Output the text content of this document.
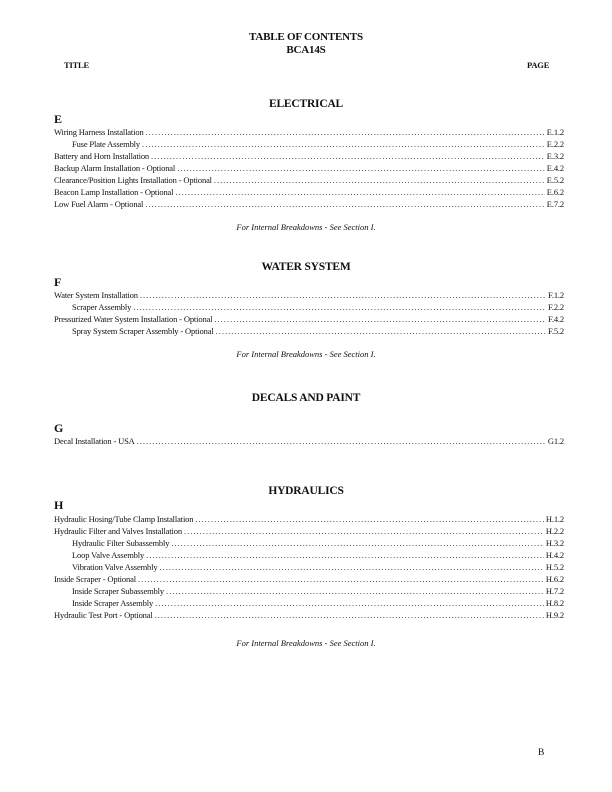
TABLE OF CONTENTS
BCA14S
TITLE	PAGE
ELECTRICAL
E
Wiring Harness Installation .....	E.1.2
Fuse Plate Assembly .....	E.2.2
Battery and Horn Installation .....	E.3.2
Backup Alarm Installation - Optional .....	E.4.2
Clearance/Position Lights Installation - Optional .....	E.5.2
Beacon Lamp Installation - Optional .....	E.6.2
Low Fuel Alarm - Optional .....	E.7.2
For Internal Breakdowns - See Section I.
WATER SYSTEM
F
Water System Installation .....	F.1.2
Scraper Assembly .....	F.2.2
Pressurized Water System Installation - Optional .....	F.4.2
Spray System Scraper Assembly - Optional .....	F.5.2
For Internal Breakdowns - See Section I.
DECALS AND PAINT
G
Decal Installation - USA .....	G1.2
HYDRAULICS
H
Hydraulic Hosing/Tube Clamp Installation .....	H.1.2
Hydraulic Filter and Valves Installation .....	H.2.2
Hydraulic Filter Subassembly .....	H.3.2
Loop Valve Assembly .....	H.4.2
Vibration Valve Assembly .....	H.5.2
Inside Scraper - Optional .....	H.6.2
Inside Scraper Subassembly .....	H.7.2
Inside Scraper Assembly .....	H.8.2
Hydraulic Test Port - Optional .....	H.9.2
For Internal Breakdowns - See Section I.
B
